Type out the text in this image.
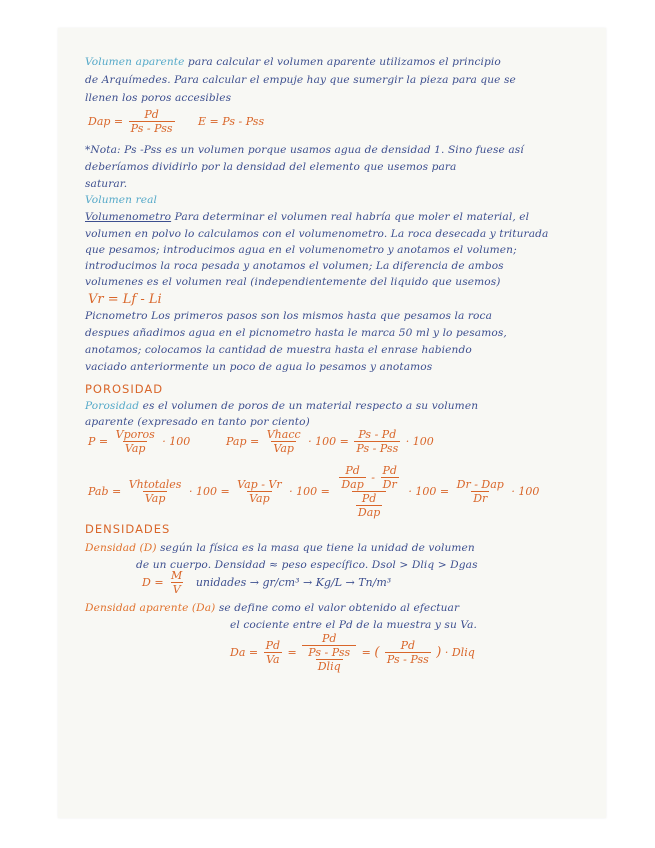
Volumen aparente para calcular el volumen aparente utilizamos el principio
de Arquímedes. Para calcular el empuje hay que sumergir la pieza para que se
llenen los poros accesibles
Dap = $\frac{Pd}{\text{Ps - Pss}}$ E = Ps - Pss
*Nota: Ps -Pss es un volumen porque usamos agua de densidad 1. Sino fuese así
deberíamos dividirlo por la densidad del elemento que usemos para
saturar.
Volumen real
Volumenometro Para determinar el volumen real habría que moler el material, el
volumen en polvo lo calculamos con el volumenometro. La roca desecada y triturada
que pesamos; introducimos agua en el volumenometro y anotamos el volumen;
introducimos la roca pesada y anotamos el volumen; La diferencia de ambos
volumenes es el volumen real (independientemente del liquido que usemos)
Vr = Lf - Li
Picnometro Los primeros pasos son los mismos hasta que pesamos la roca
despues añadimos agua en el picnometro hasta le marca 50 ml y lo pesamos,
anotamos; colocamos la cantidad de muestra hasta el enrase habiendo
vaciado anteriormente un poco de agua lo pesamos y anotamos
POROSIDAD
Porosidad es el volumen de poros de un material respecto a su volumen
aparente (expresado en tanto por ciento)
$P = \frac{\text{Vporos}}{\text{Vap}} \cdot 100$	Pap = $\frac{\text{Vhacc}}{\text{Vap}} \cdot 100 = \frac{Ps - Pd}{\text{Ps - Pss}} \cdot 100$
Pab = $\frac{\text{Vhtotales}}{\text{Vap}} \cdot 100 = \frac{\text{Vap - Vr}}{\text{Vap}} \cdot 100 = \frac{\frac{Pd}{\text{Dap}} - \frac{Pd}{Dr}}{\frac{Pd}{\text{Dap}}} \cdot 100 = \frac{\text{Dr - Dap}}{Dr} \cdot 100$
DENSIDADES
Densidad (D) según la física es la masa que tiene la unidad de volumen
de un cuerpo. Densidad ≈ peso específico. Dsol > Dliq > Dgas
$D = \frac{M}{V}$ unidades → gr/cm³ → Kg/L → Tn/m³
Densidad aparente (Da) se define como el valor obtenido al efectuar
el cociente entre el Pd de la muestra y su Va.
$Da = \frac{Pd}{Va} = \frac{Pd}{\frac{\text{Ps - Pss}}{\text{Dliq}}}$ = ( $\frac{Pd}{\text{Ps - Pss}}$ ) · Dliq
